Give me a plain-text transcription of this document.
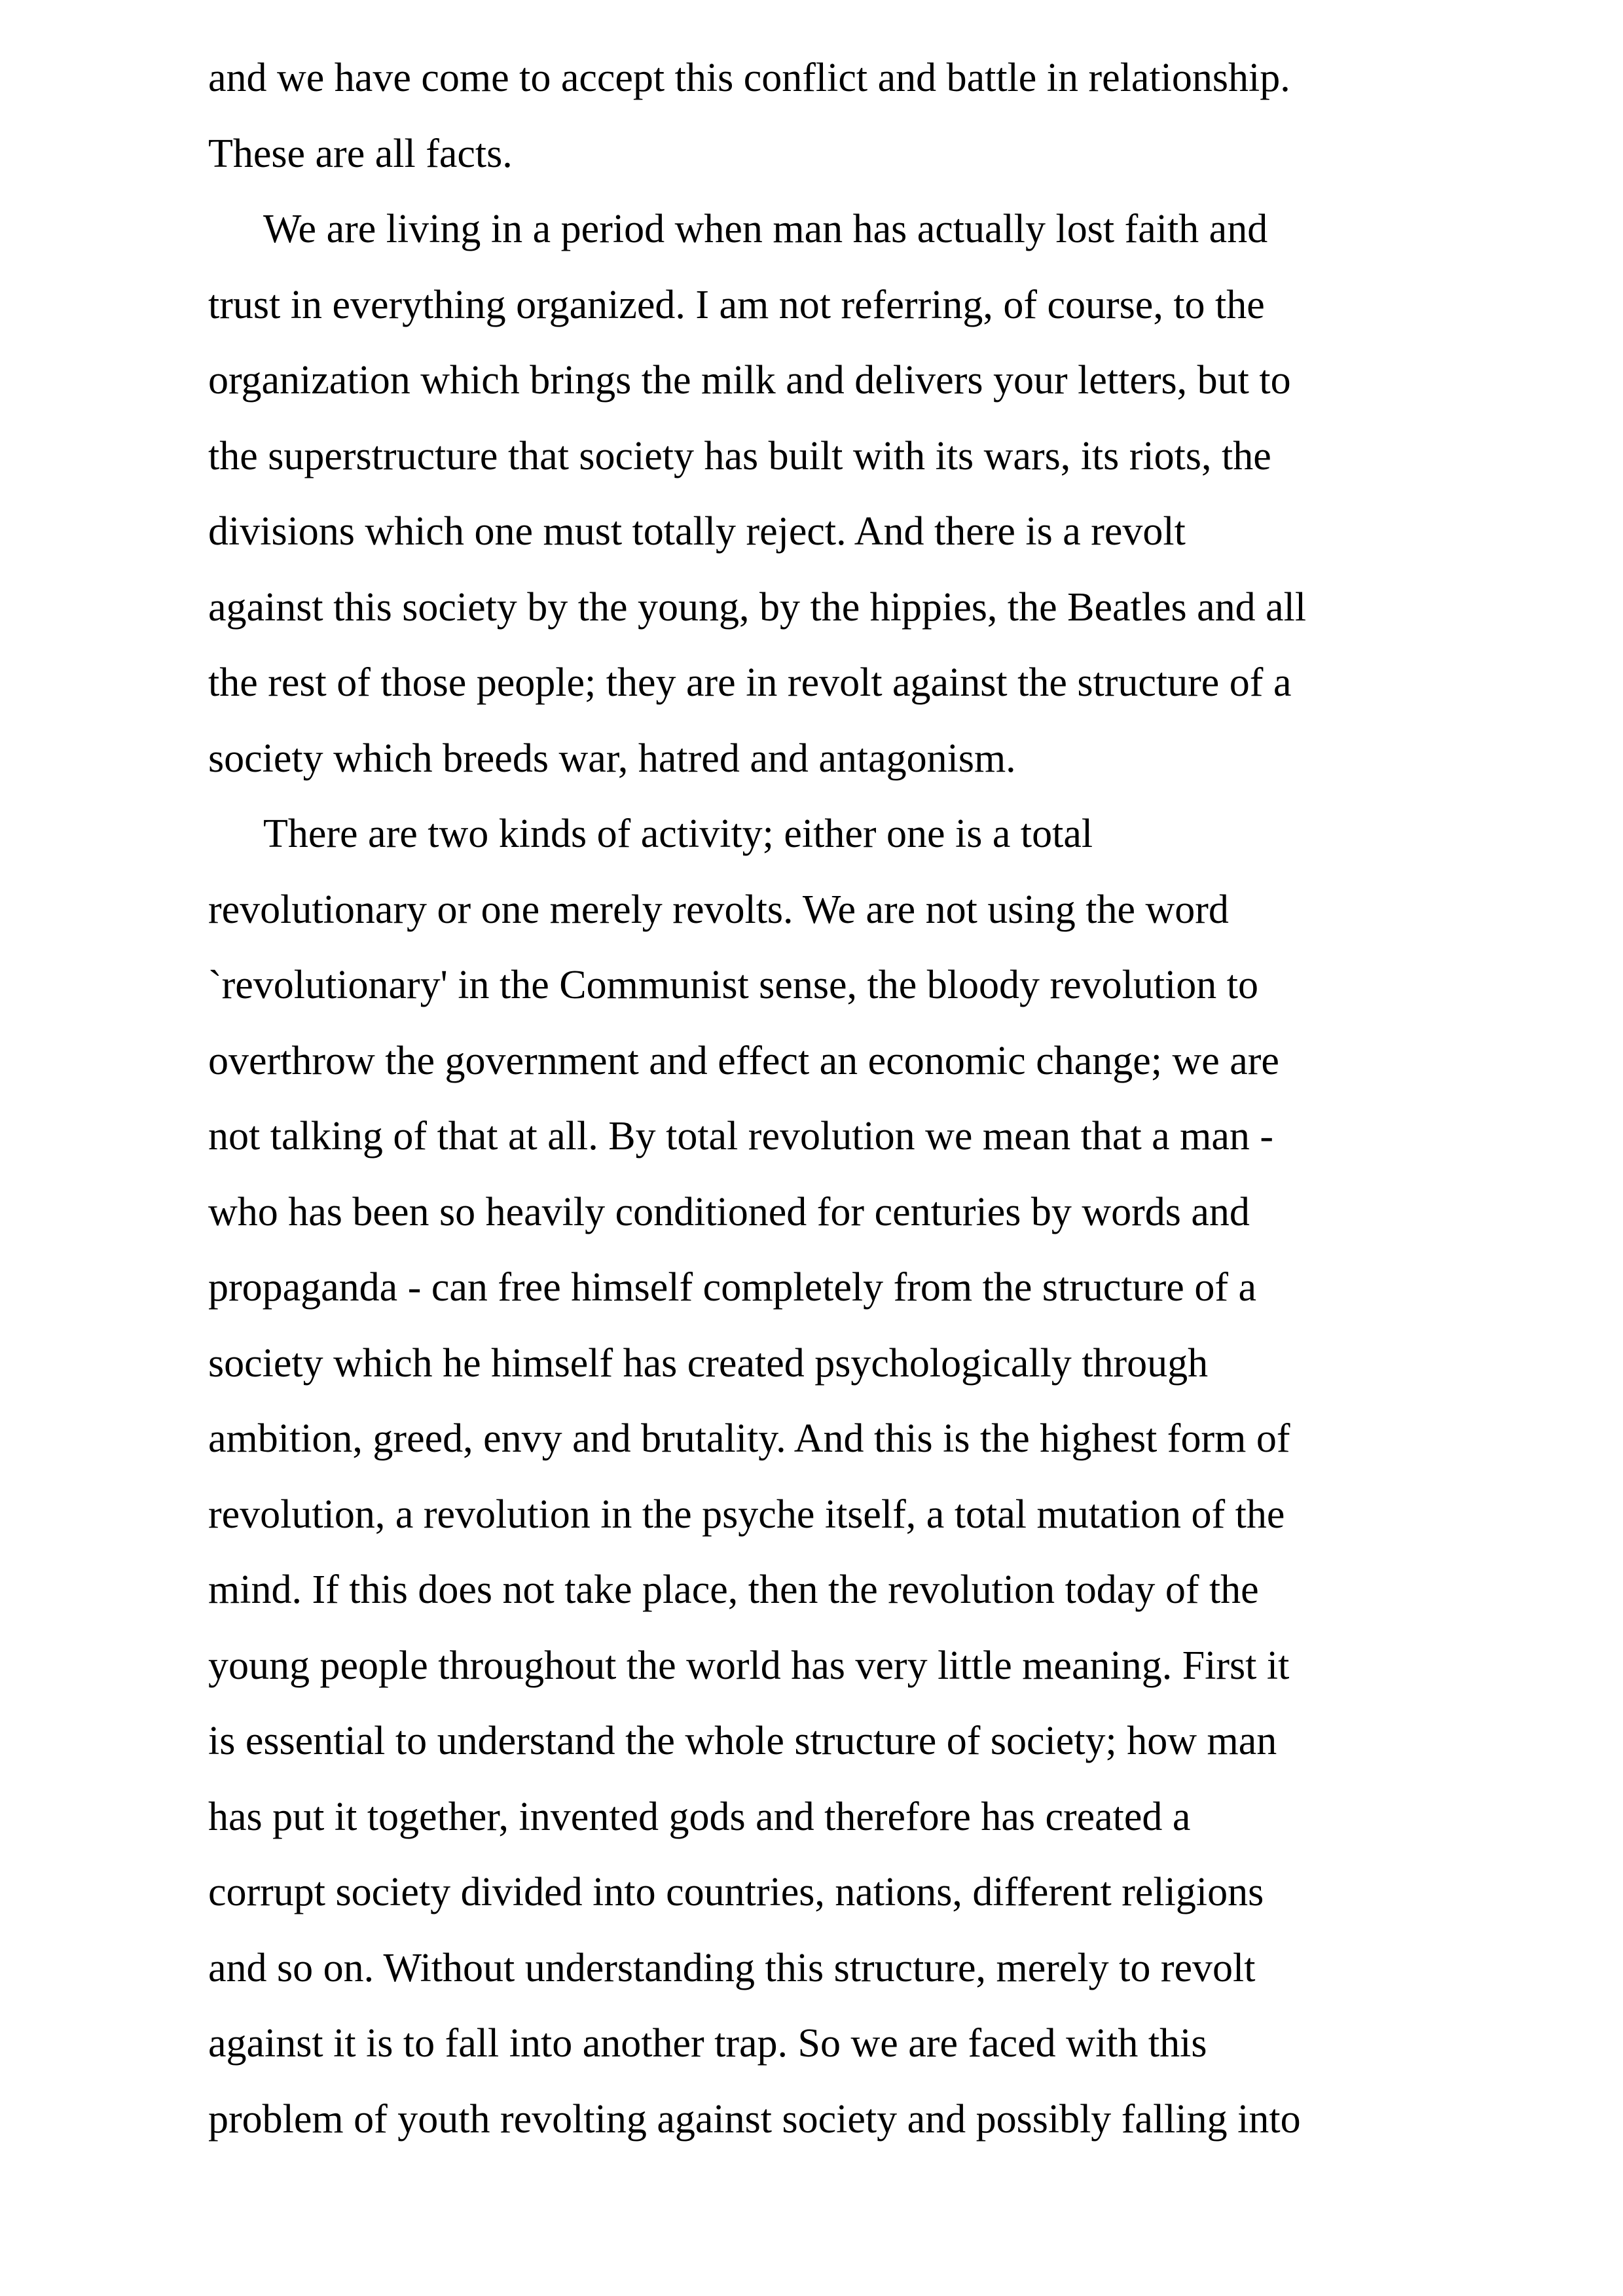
and we have come to accept this conflict and battle in relationship.
These are all facts.
We are living in a period when man has actually lost faith and
trust in everything organized. I am not referring, of course, to the
organization which brings the milk and delivers your letters, but to
the superstructure that society has built with its wars, its riots, the
divisions which one must totally reject. And there is a revolt
against this society by the young, by the hippies, the Beatles and all
the rest of those people; they are in revolt against the structure of a
society which breeds war, hatred and antagonism.
There are two kinds of activity; either one is a total
revolutionary or one merely revolts. We are not using the word
`revolutionary' in the Communist sense, the bloody revolution to
overthrow the government and effect an economic change; we are
not talking of that at all. By total revolution we mean that a man -
who has been so heavily conditioned for centuries by words and
propaganda - can free himself completely from the structure of a
society which he himself has created psychologically through
ambition, greed, envy and brutality. And this is the highest form of
revolution, a revolution in the psyche itself, a total mutation of the
mind. If this does not take place, then the revolution today of the
young people throughout the world has very little meaning. First it
is essential to understand the whole structure of society; how man
has put it together, invented gods and therefore has created a
corrupt society divided into countries, nations, different religions
and so on. Without understanding this structure, merely to revolt
against it is to fall into another trap. So we are faced with this
problem of youth revolting against society and possibly falling into
